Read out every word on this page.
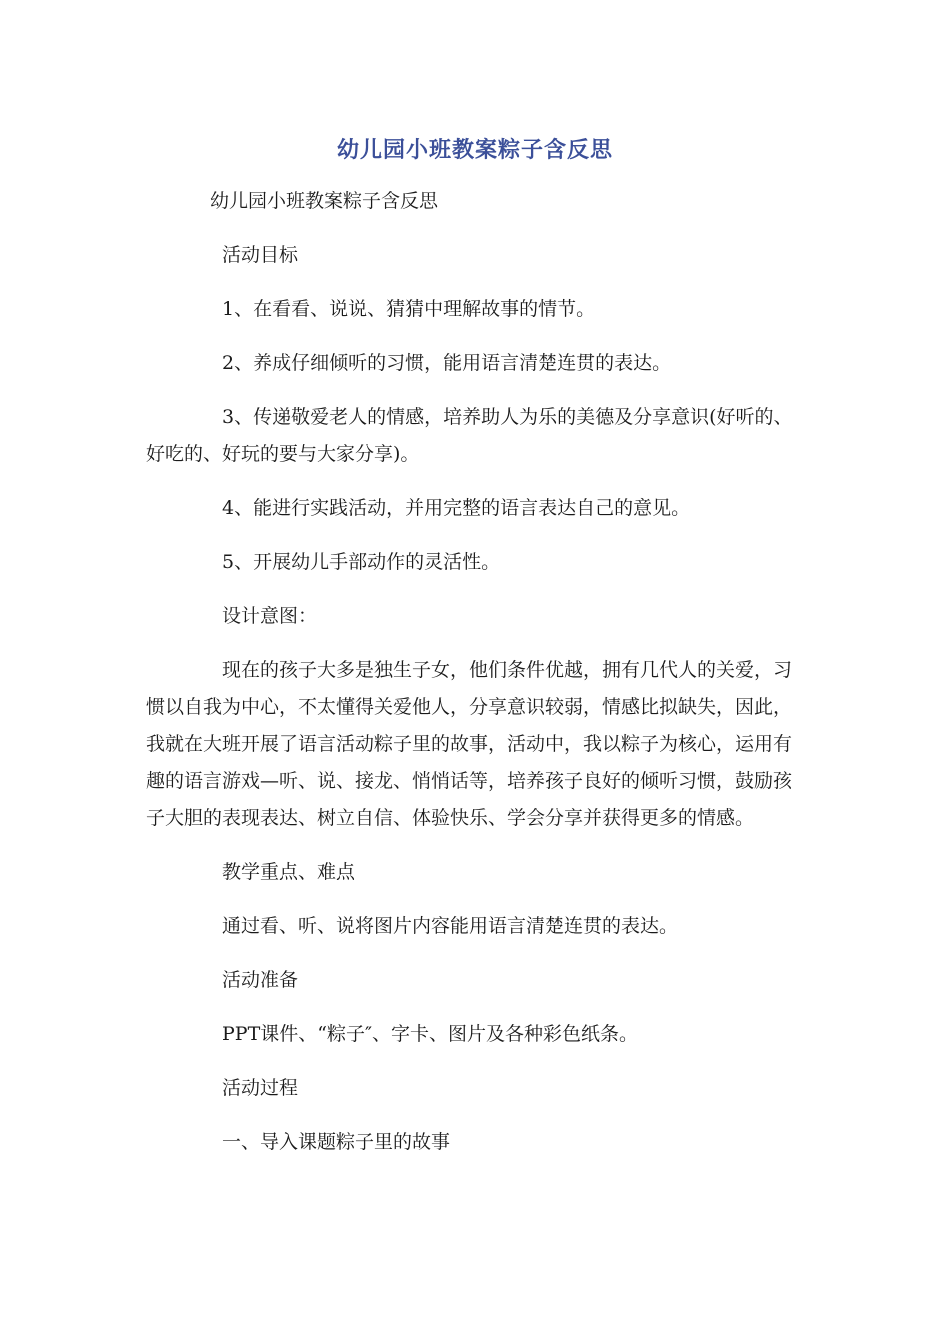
幼儿园小班教案粽子含反思

幼儿园小班教案粽子含反思

活动目标

1、在看看、说说、猜猜中理解故事的情节。

2、养成仔细倾听的习惯，能用语言清楚连贯的表达。

3、传递敬爱老人的情感，培养助人为乐的美德及分享意识(好听的、好吃的、好玩的要与大家分享)。

4、能进行实践活动，并用完整的语言表达自己的意见。

5、开展幼儿手部动作的灵活性。

设计意图：

现在的孩子大多是独生子女，他们条件优越，拥有几代人的关爱，习惯以自我为中心，不太懂得关爱他人，分享意识较弱，情感比拟缺失，因此，我就在大班开展了语言活动粽子里的故事，活动中，我以粽子为核心，运用有趣的语言游戏—听、说、接龙、悄悄话等，培养孩子良好的倾听习惯，鼓励孩子大胆的表现表达、树立自信、体验快乐、学会分享并获得更多的情感。

教学重点、难点

通过看、听、说将图片内容能用语言清楚连贯的表达。

活动准备

PPT课件、“粽子″、字卡、图片及各种彩色纸条。

活动过程

一、导入课题粽子里的故事
